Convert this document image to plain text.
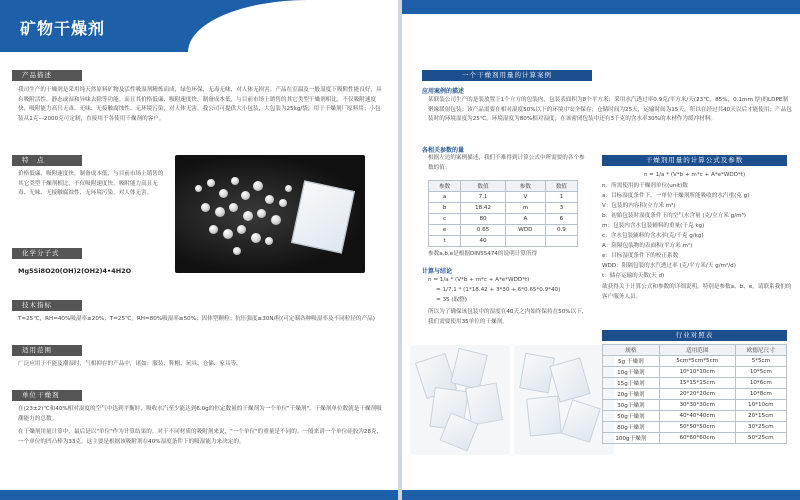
矿物干燥剂
产品描述
我司生产的干燥剂是采用纯天然原料矿物及活性吸湿剂精炼而成，绿色环保，无毒无味，对人体无损害。产品在室温及一般湿度下吸附性能良好，具有吸附活性，静态或湿和异味去除等功能。而且其价格低廉、吸附速度快，制备成本低，与目前市场上销售的其它类型干燥剂相比，不仅吸附速度快，吸附能力高且无毒、无味、无接触腐蚀性、无环境污染，对人体无害。我公司可提供大小包装，大包装为25kg/袋，用于干燥剂厂原料用；小包装从1克—2000克可定制，直接用于各使用干燥剂的客户。
特　点
价格低廉、吸附速度快，制备成本低，与目前市场上销售的其它类型干燥剂相比，不仅吸附速度快，吸附能力高且无毒、无味、无接触腐蚀性、无环境污染，对人体无害。
化学分子式
Mg5Si8O20(OH)2(OH2)4•4H2O
技术指标
T=25℃，RH=40%吸湿率≥20%；T=25℃，RH=80%吸湿率≥50%；因体型颗粒；抗压强度≥30N/粒(可定制各种吸湿率及不同粒径的产品)
适用范围
广泛应用于不能及潮湿时，气相抑存的产品中，诸如：服装、鞋帽、玩具、仓储、家具等。
单位干燥剂
在(23±2)℃和40%相对湿度的空气中达到平衡时，吸收水汽至少能达到6.0g的恒定数量的干燥剂为一个单位"干燥剂"。干燥剂单位数就是干燥剂吸潮能力的总数。
在干燥剂用量计算中，最后是以"单位"作为计算结果的。对于不同材质的吸附剂来说，"一个单位"的重量是不同的。一般来讲一个单位硅胶为28克，一个单位的凹凸棒为33克。这主要是根据该吸附剂在40%湿度条件下的吸湿能力来决定的。
一个干燥剂用量的计算案例
应用案例的描述
某联装公司生产的是装放置于1个立方的包装内，包装表面积为8个平方米；采用水汽透过率0.9克/平方米/天(23℃，85%，0.1mm 厚)的LDPE制聚缘缓射包装；该产品需要在相对湿度50%以下的环境中安全保存；仓储时间为25天，运输时间为15天，所以在经过共40天以后才能使用；产品包装时的环境湿度为25℃，环境湿度为80%相对湿度；在该密闭包装中还有3千克的含水率30%的木材作为缓冲材料。
各相关参数的量
根据左边的案例描述，我们不难得到计算公式中所需要的各个参数的值：
参数	数值	参数	数值
a	7.1	V	1
b	18.42	m	3
c	80	A	6
e	0.65	WDD	0.9
t	40		
参数a,b,e是根据DIN55474的说明计算所得
计算与结论
n = 1/a * (V*b + m*c + A*e*WDD*t)
= 1/7.1 * (1*18.42 + 3*30 + 6*0.65*0.9*40)
= 35 (取整)
所以为了确保该包装中的湿度在40天之内始终保持在50%以下，我们需要使用35单位的干燥剂。
干燥剂用量的计算公式及参数
n = 1/a * (V*b + m*c + A*e*WDD*t)
n：所需使用的干燥剂单位(unit)数
a：目标湿度条件下，一单位干燥剂所能吸收的水汽重(克 g)
V：包装的内容积(立方米 m³)
b：初始包装时湿度条件下的空气水含量 (克/立方米 g/m³)
m：包装内含水包装辅料的重量(千克 kg)
c：含水包装辅料的含水率(克/千克 g/kg)
A：阻隔包装物的表面积(平方米 m²)
e：目标湿度条件下的校正系数
WDD：阻隔包装的水汽透过率 (克/平方米/天 g/m²/d)
t：储存运输的天数(天 d)
欲获得关于计算公式和参数的详细说明，特别是参数a、b、e，请联系我们的客户服务人员。
行业对照表
规格	适用范围	欧德尼尺寸
5g 干燥剂	5cm*5cm*5cm	5*5cm
10g干燥剂	10*10*10cm	10*5cm
15g干燥剂	15*15*15cm	10*6cm
20g干燥剂	20*20*20cm	10*8cm
30g干燥剂	30*30*30cm	10*10cm
50g干燥剂	40*40*40cm	20*15cm
80g干燥剂	50*50*50cm	30*25cm
100g干燥剂	60*60*60cm	50*25cm
